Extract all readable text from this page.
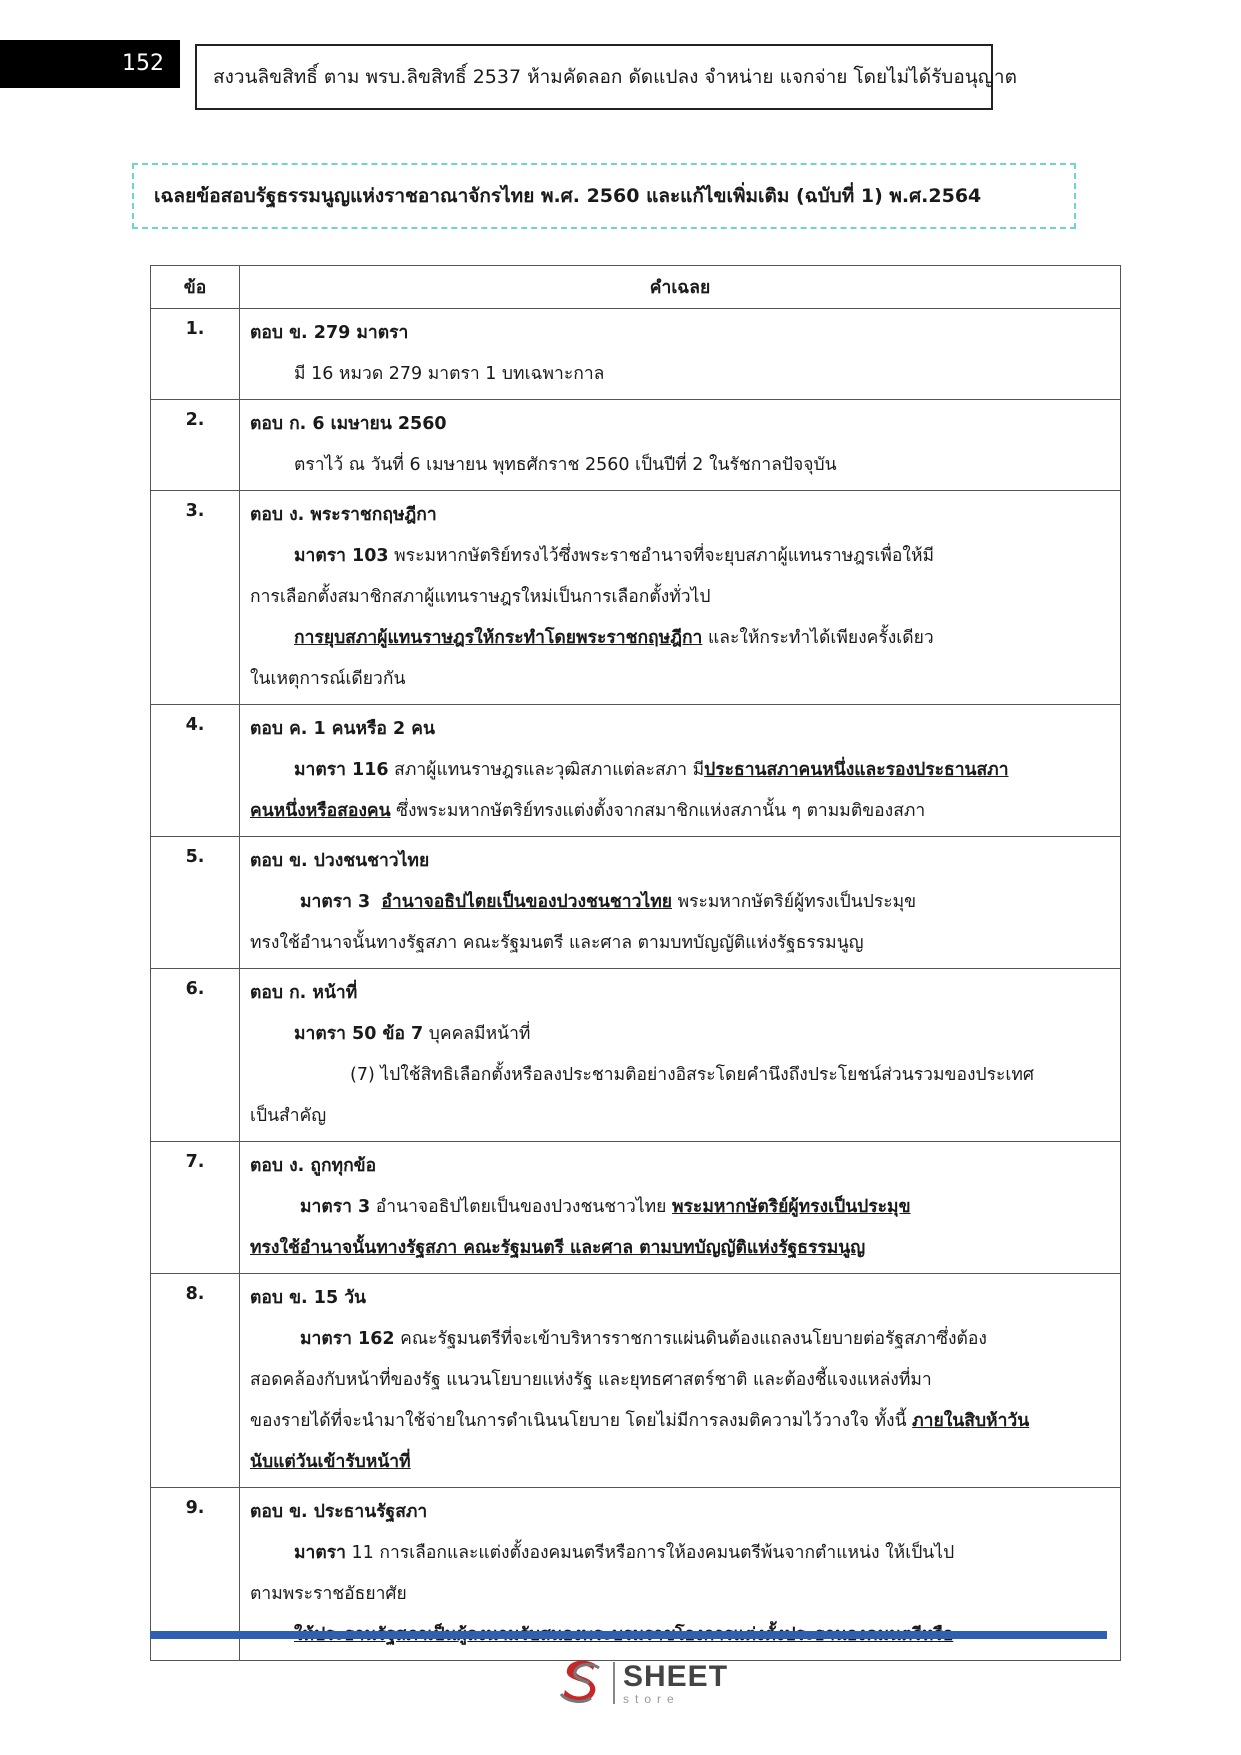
152
สงวนลิขสิทธิ์ ตาม พรบ.ลิขสิทธิ์ 2537 ห้ามคัดลอก ดัดแปลง จำหน่าย แจกจ่าย โดยไม่ได้รับอนุญาต
เฉลยข้อสอบรัฐธรรมนูญแห่งราชอาณาจักรไทย พ.ศ. 2560 และแก้ไขเพิ่มเติม (ฉบับที่ 1) พ.ศ.2564
ข้อ	คำเฉลย
1.	ตอบ ข. 279 มาตรา
มี 16 หมวด 279 มาตรา 1 บทเฉพาะกาล

2.	ตอบ ก. 6 เมษายน 2560
ตราไว้ ณ วันที่ 6 เมษายน พุทธศักราช 2560 เป็นปีที่ 2 ในรัชกาลปัจจุบัน

3.	ตอบ ง. พระราชกฤษฎีกา
มาตรา 103 พระมหากษัตริย์ทรงไว้ซึ่งพระราชอำนาจที่จะยุบสภาผู้แทนราษฎรเพื่อให้มี
การเลือกตั้งสมาชิกสภาผู้แทนราษฎรใหม่เป็นการเลือกตั้งทั่วไป
การยุบสภาผู้แทนราษฎรให้กระทำโดยพระราชกฤษฎีกา และให้กระทำได้เพียงครั้งเดียว
ในเหตุการณ์เดียวกัน

4.	ตอบ ค. 1 คนหรือ 2 คน
มาตรา 116 สภาผู้แทนราษฎรและวุฒิสภาแต่ละสภา มีประธานสภาคนหนึ่งและรองประธานสภา
คนหนึ่งหรือสองคน ซึ่งพระมหากษัตริย์ทรงแต่งตั้งจากสมาชิกแห่งสภานั้น ๆ ตามมติของสภา

5.	ตอบ ข. ปวงชนชาวไทย
มาตรา 3 อำนาจอธิปไตยเป็นของปวงชนชาวไทย พระมหากษัตริย์ผู้ทรงเป็นประมุข
ทรงใช้อำนาจนั้นทางรัฐสภา คณะรัฐมนตรี และศาล ตามบทบัญญัติแห่งรัฐธรรมนูญ

6.	ตอบ ก. หน้าที่
มาตรา 50 ข้อ 7 บุคคลมีหน้าที่
(7) ไปใช้สิทธิเลือกตั้งหรือลงประชามติอย่างอิสระโดยคำนึงถึงประโยชน์ส่วนรวมของประเทศ
เป็นสำคัญ

7.	ตอบ ง. ถูกทุกข้อ
มาตรา 3 อำนาจอธิปไตยเป็นของปวงชนชาวไทย พระมหากษัตริย์ผู้ทรงเป็นประมุข
ทรงใช้อำนาจนั้นทางรัฐสภา คณะรัฐมนตรี และศาล ตามบทบัญญัติแห่งรัฐธรรมนูญ

8.	ตอบ ข. 15 วัน
มาตรา 162 คณะรัฐมนตรีที่จะเข้าบริหารราชการแผ่นดินต้องแถลงนโยบายต่อรัฐสภาซึ่งต้อง
สอดคล้องกับหน้าที่ของรัฐ แนวนโยบายแห่งรัฐ และยุทธศาสตร์ชาติ และต้องชี้แจงแหล่งที่มา
ของรายได้ที่จะนำมาใช้จ่ายในการดำเนินนโยบาย โดยไม่มีการลงมติความไว้วางใจ ทั้งนี้ ภายในสิบห้าวัน
นับแต่วันเข้ารับหน้าที่

9.	ตอบ ข. ประธานรัฐสภา
มาตรา 11 การเลือกและแต่งตั้งองคมนตรีหรือการให้องคมนตรีพ้นจากตำแหน่ง ให้เป็นไป
ตามพระราชอัธยาศัย
SHEET
store
